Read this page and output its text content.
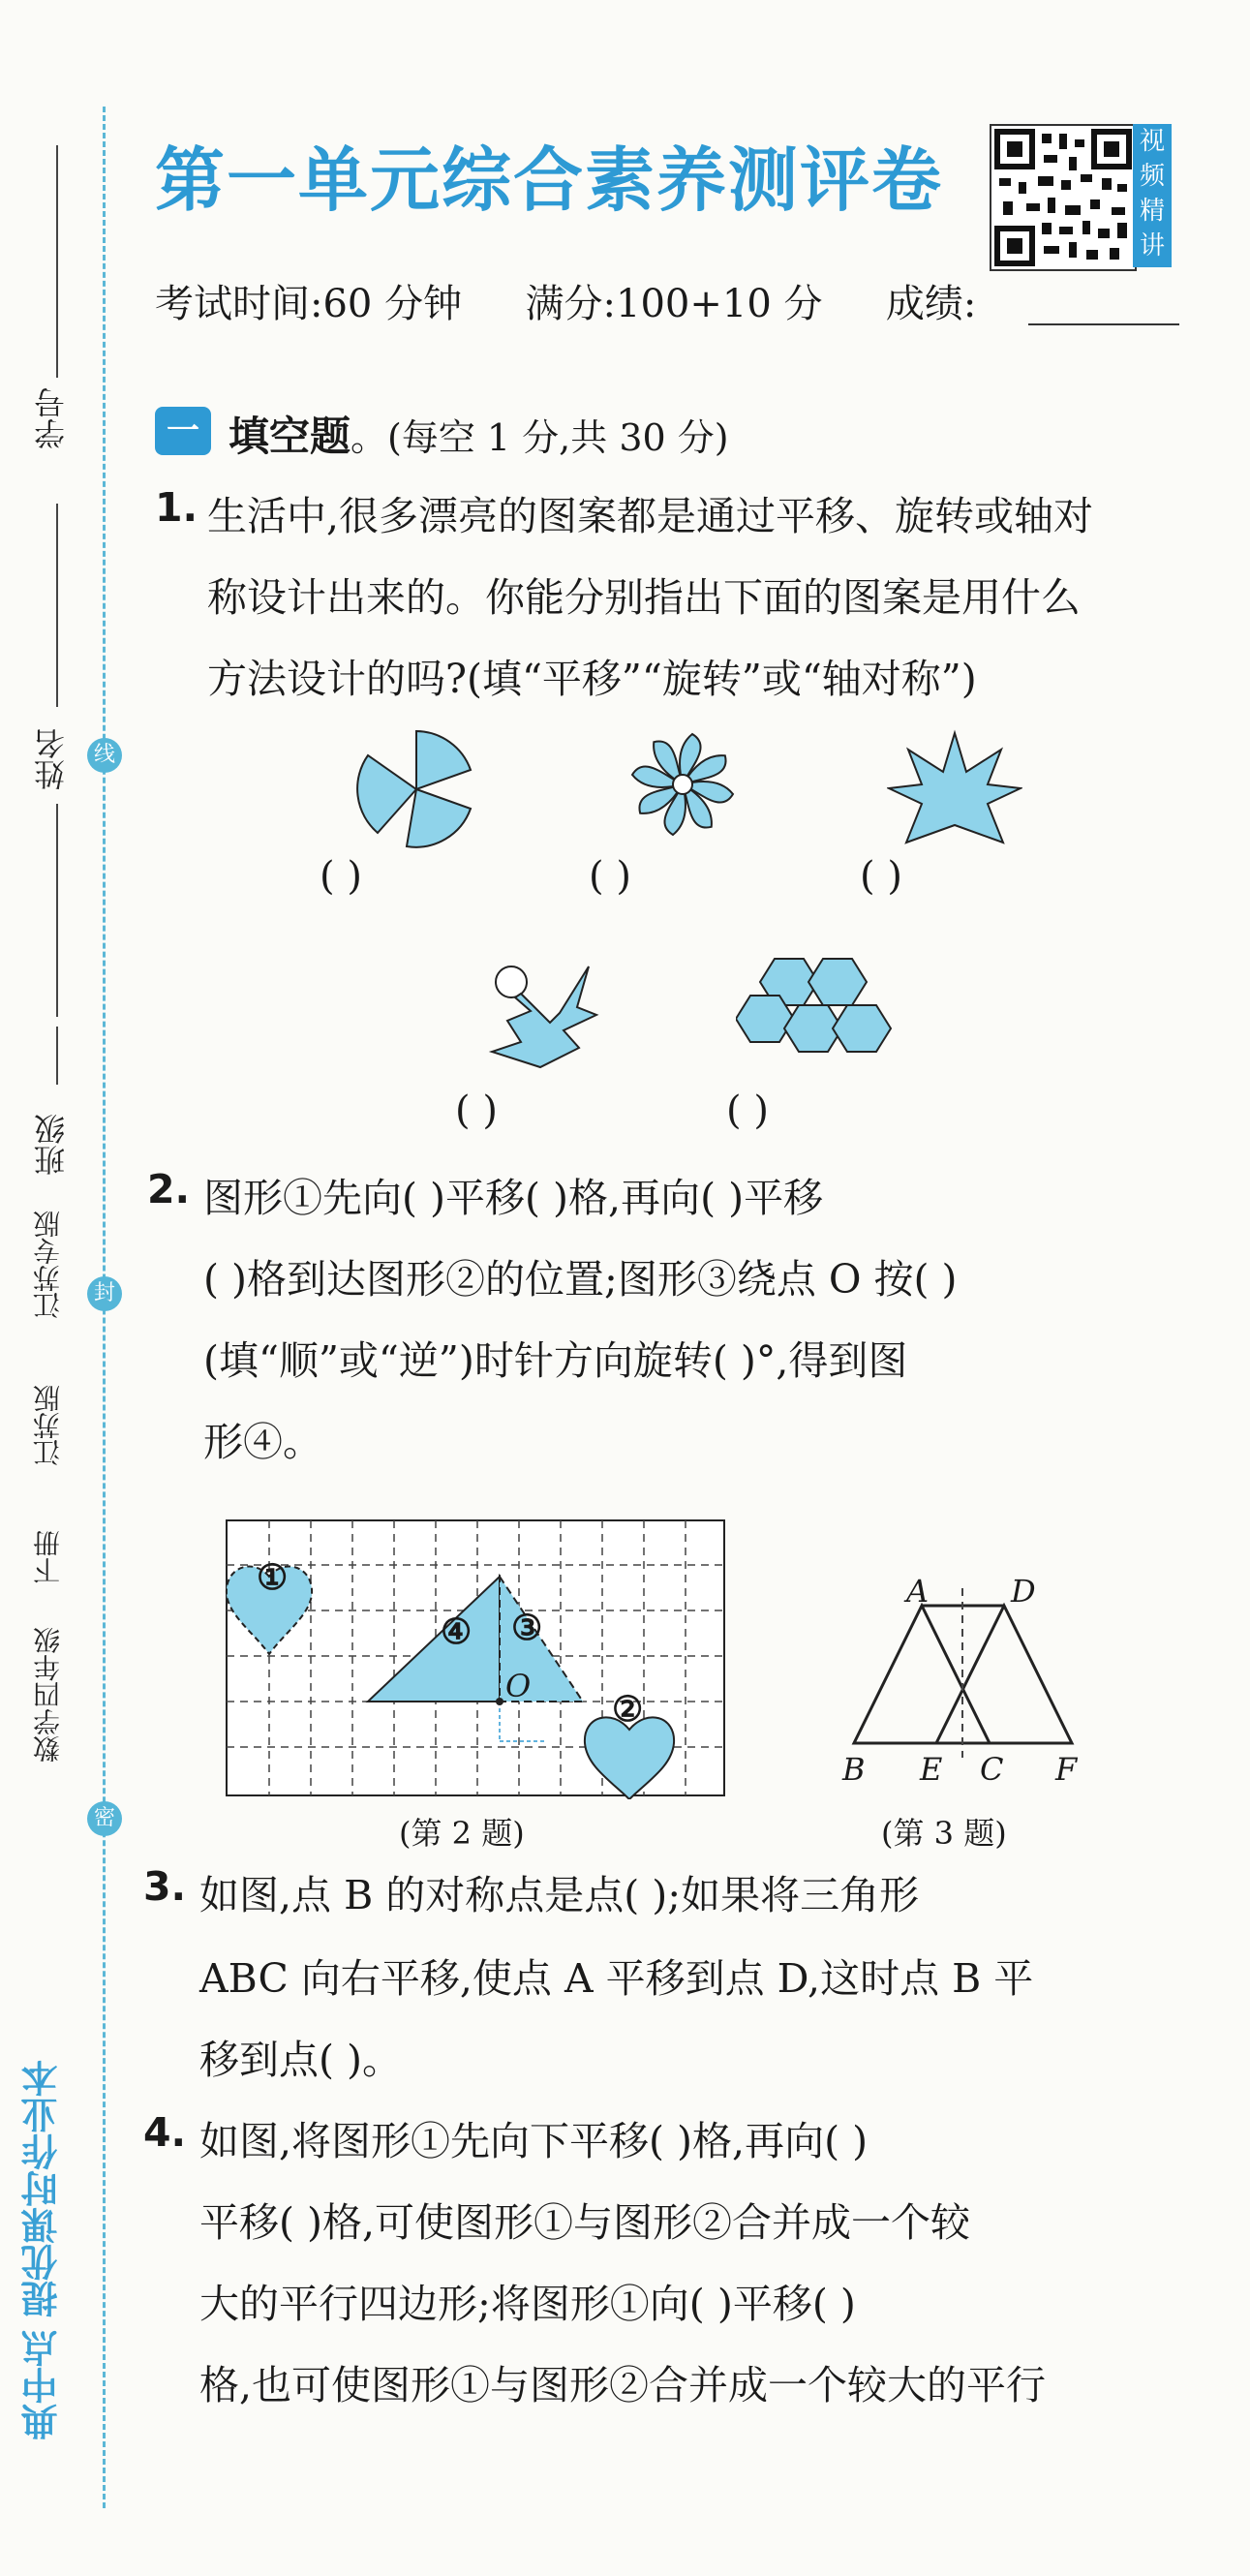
学号
姓名
班级
江苏专版
江苏版
下册
数学四年级
线
封
密
典中点 提优课时作业本
第一单元综合素养测评卷	视频精讲
考试时间:60 分钟 满分:100+10 分 成绩:
一 填空题。(每空 1 分,共 30 分)
1. 生活中,很多漂亮的图案都是通过平移、旋转或轴对
称设计出来的。你能分别指出下面的图案是用什么
方法设计的吗?(填“平移”“旋转”或“轴对称”)
( )	( )	( )
( )	( )
2. 图形①先向( )平移( )格,再向( )平移
( )格到达图形②的位置;图形③绕点 O 按( )
(填“顺”或“逆”)时针方向旋转( )°,得到图
形④。
①
④ ③
②
O
(第 2 题)
A	D
B E C F
(第 3 题)
3. 如图,点 B 的对称点是点( );如果将三角形
ABC 向右平移,使点 A 平移到点 D,这时点 B 平
移到点( )。
4. 如图,将图形①先向下平移( )格,再向( )
平移( )格,可使图形①与图形②合并成一个较
大的平行四边形;将图形①向( )平移( )
格,也可使图形①与图形②合并成一个较大的平行
